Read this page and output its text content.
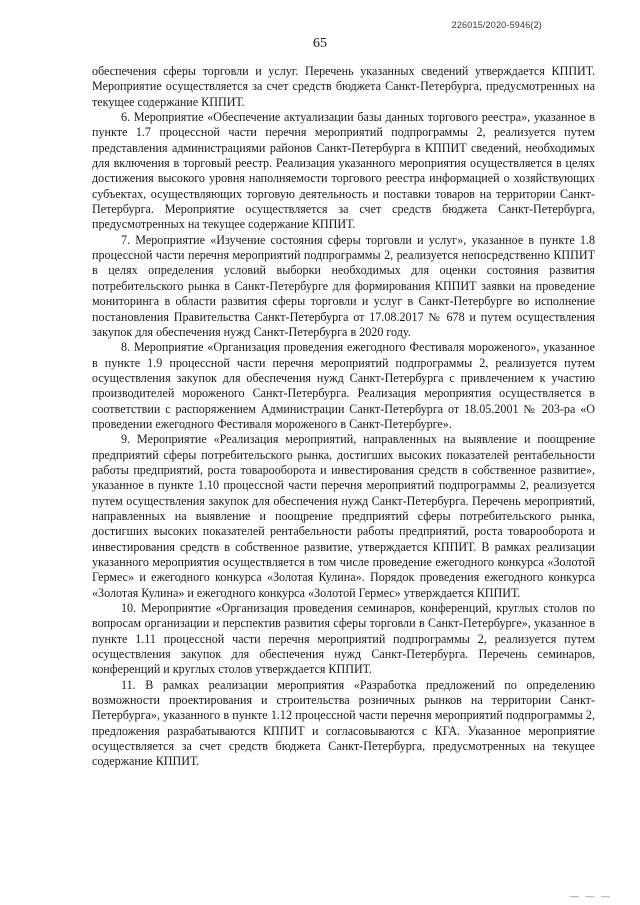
226015/2020-5946(2)
65

обеспечения сферы торговли и услуг. Перечень указанных сведений утверждается КППИТ. Мероприятие осуществляется за счет средств бюджета Санкт-Петербурга, предусмотренных на текущее содержание КППИТ.

6. Мероприятие «Обеспечение актуализации базы данных торгового реестра», указанное в пункте 1.7 процессной части перечня мероприятий подпрограммы 2, реализуется путем представления администрациями районов Санкт-Петербурга в КППИТ сведений, необходимых для включения в торговый реестр. Реализация указанного мероприятия осуществляется в целях достижения высокого уровня наполняемости торгового реестра информацией о хозяйствующих субъектах, осуществляющих торговую деятельность и поставки товаров на территории Санкт-Петербурга. Мероприятие осуществляется за счет средств бюджета Санкт-Петербурга, предусмотренных на текущее содержание КППИТ.

7. Мероприятие «Изучение состояния сферы торговли и услуг», указанное в пункте 1.8 процессной части перечня мероприятий подпрограммы 2, реализуется непосредственно КППИТ в целях определения условий выборки необходимых для оценки состояния развития потребительского рынка в Санкт-Петербурге для формирования КППИТ заявки на проведение мониторинга в области развития сферы торговли и услуг в Санкт-Петербурге во исполнение постановления Правительства Санкт-Петербурга от 17.08.2017 № 678 и путем осуществления закупок для обеспечения нужд Санкт-Петербурга в 2020 году.

8. Мероприятие «Организация проведения ежегодного Фестиваля мороженого», указанное в пункте 1.9 процессной части перечня мероприятий подпрограммы 2, реализуется путем осуществления закупок для обеспечения нужд Санкт-Петербурга с привлечением к участию производителей мороженого Санкт-Петербурга. Реализация мероприятия осуществляется в соответствии с распоряжением Администрации Санкт-Петербурга от 18.05.2001 № 203-ра «О проведении ежегодного Фестиваля мороженого в Санкт-Петербурге».

9. Мероприятие «Реализация мероприятий, направленных на выявление и поощрение предприятий сферы потребительского рынка, достигших высоких показателей рентабельности работы предприятий, роста товарооборота и инвестирования средств в собственное развитие», указанное в пункте 1.10 процессной части перечня мероприятий подпрограммы 2, реализуется путем осуществления закупок для обеспечения нужд Санкт-Петербурга. Перечень мероприятий, направленных на выявление и поощрение предприятий сферы потребительского рынка, достигших высоких показателей рентабельности работы предприятий, роста товарооборота и инвестирования средств в собственное развитие, утверждается КППИТ. В рамках реализации указанного мероприятия осуществляется в том числе проведение ежегодного конкурса «Золотой Гермес» и ежегодного конкурса «Золотая Кулина». Порядок проведения ежегодного конкурса «Золотая Кулина» и ежегодного конкурса «Золотой Гермес» утверждается КППИТ.

10. Мероприятие «Организация проведения семинаров, конференций, круглых столов по вопросам организации и перспектив развития сферы торговли в Санкт-Петербурге», указанное в пункте 1.11 процессной части перечня мероприятий подпрограммы 2, реализуется путем осуществления закупок для обеспечения нужд Санкт-Петербурга. Перечень семинаров, конференций и круглых столов утверждается КППИТ.

11. В рамках реализации мероприятия «Разработка предложений по определению возможности проектирования и строительства розничных рынков на территории Санкт-Петербурга», указанного в пункте 1.12 процессной части перечня мероприятий подпрограммы 2, предложения разрабатываются КППИТ и согласовываются с КГА. Указанное мероприятие осуществляется за счет средств бюджета Санкт-Петербурга, предусмотренных на текущее содержание КППИТ.

— — —
